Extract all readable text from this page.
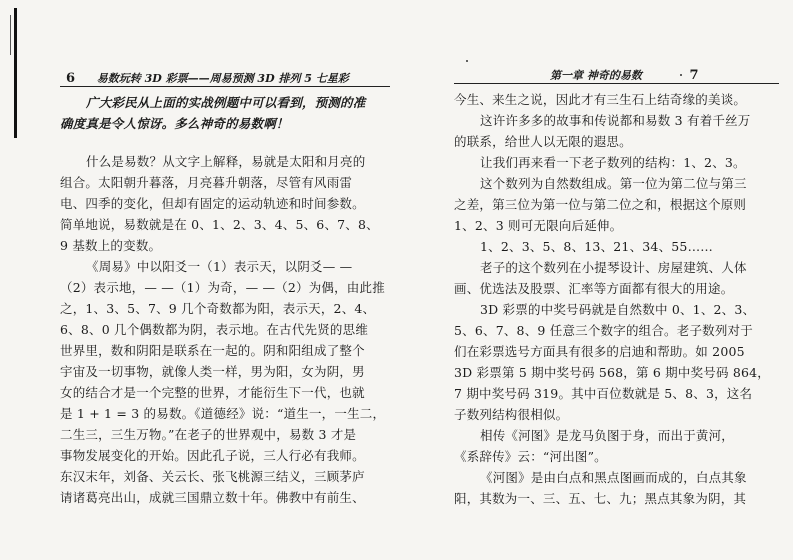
6 易数玩转 3D 彩票——周易预测 3D 排列 5 七星彩
广大彩民从上面的实战例题中可以看到，预测的准
确度真是令人惊讶。多么神奇的易数啊！
什么是易数？从文字上解释，易就是太阳和月亮的
组合。太阳朝升暮落，月亮暮升朝落，尽管有风雨雷
电、四季的变化，但却有固定的运动轨迹和时间参数。
简单地说，易数就是在 0、1、2、3、4、5、6、7、8、
9 基数上的变数。
《周易》中以阳爻一（1）表示天，以阴爻— —
（2）表示地，— —（1）为奇，— —（2）为偶，由此推
之，1、3、5、7、9 几个奇数都为阳，表示天，2、4、
6、8、0 几个偶数都为阴，表示地。在古代先贤的思维
世界里，数和阴阳是联系在一起的。阴和阳组成了整个
宇宙及一切事物，就像人类一样，男为阳，女为阴，男
女的结合才是一个完整的世界，才能衍生下一代，也就
是 1 + 1 = 3 的易数。《道德经》说：“道生一，一生二，
二生三，三生万物。”在老子的世界观中，易数 3 才是
事物发展变化的开始。因此孔子说，三人行必有我师。
东汉末年，刘备、关云长、张飞桃源三结义，三顾茅庐
请诸葛亮出山，成就三国鼎立数十年。佛教中有前生、
第一章 神奇的易数	7
今生、来生之说，因此才有三生石上结奇缘的美谈。
这许许多多的故事和传说都和易数 3 有着千丝万
的联系，给世人以无限的遐思。
让我们再来看一下老子数列的结构：1、2、3。
这个数列为自然数组成。第一位为第二位与第三
之差，第三位为第一位与第二位之和，根据这个原则
1、2、3 则可无限向后延伸。
1、2、3、5、8、13、21、34、55……
老子的这个数列在小提琴设计、房屋建筑、人体
画、优选法及股票、汇率等方面都有很大的用途。
3D 彩票的中奖号码就是自然数中 0、1、2、3、
5、6、7、8、9 任意三个数字的组合。老子数列对于
们在彩票选号方面具有很多的启迪和帮助。如 2005
3D 彩票第 5 期中奖号码 568，第 6 期中奖号码 864，
7 期中奖号码 319。其中百位数就是 5、8、3，这名
子数列结构很相似。
相传《河图》是龙马负图于身，而出于黄河，
《系辞传》云：“河出图”。
《河图》是由白点和黑点图画而成的，白点其象
阳，其数为一、三、五、七、九；黑点其象为阴，其
